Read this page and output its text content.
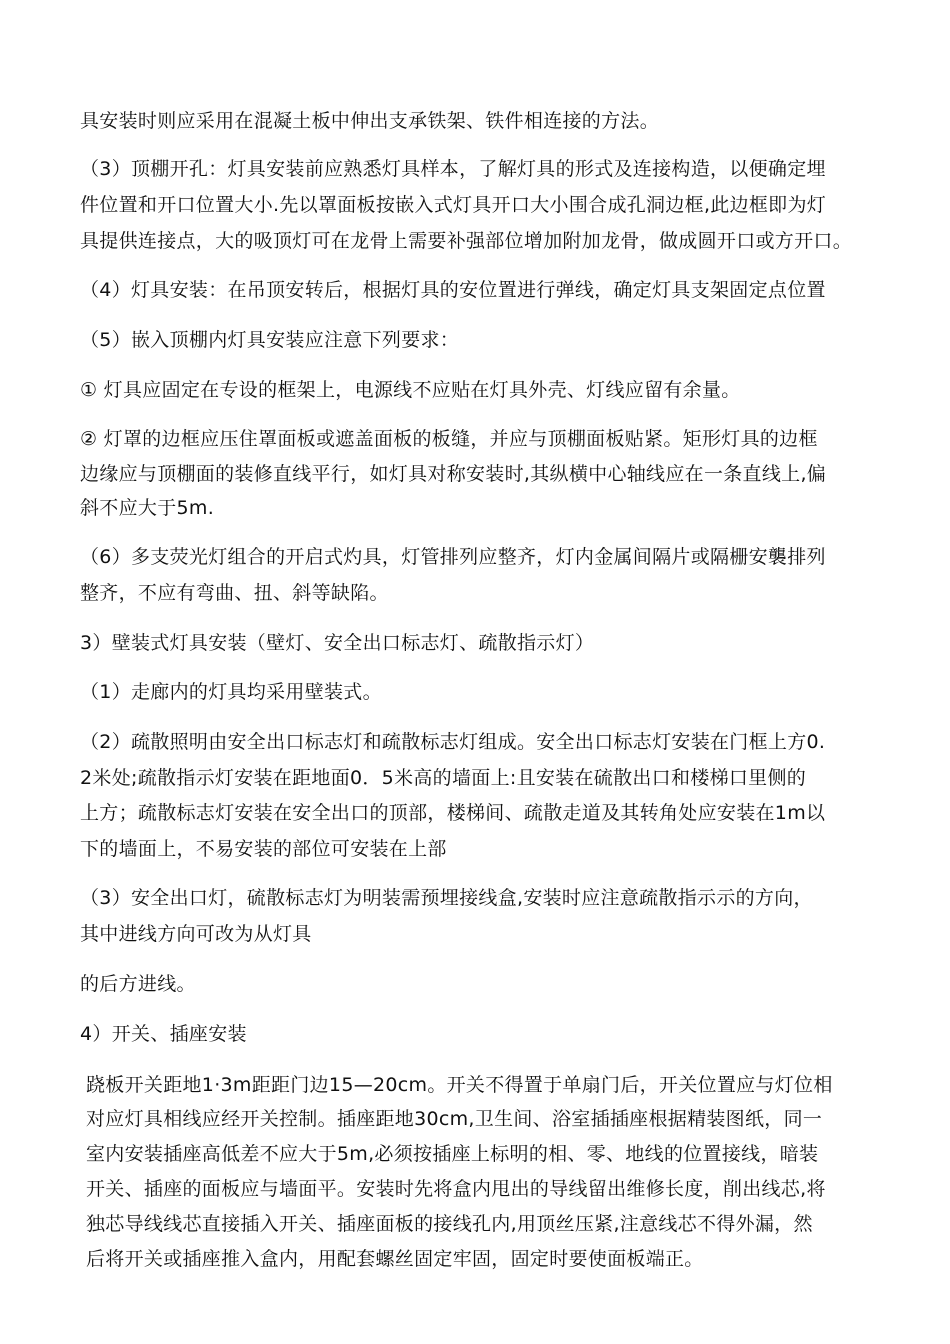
具安装时则应采用在混凝土板中伸出支承铁架、铁件相连接的方法。
（3）顶棚开孔：灯具安装前应熟悉灯具样本，了解灯具的形式及连接构造，以便确定埋
件位置和开口位置大小.先以罩面板按嵌入式灯具开口大小围合成孔洞边框,此边框即为灯
具提供连接点，大的吸顶灯可在龙骨上需要补强部位增加附加龙骨，做成圆开口或方开口。
（4）灯具安装：在吊顶安转后，根据灯具的安位置进行弹线，确定灯具支架固定点位置
（5）嵌入顶棚内灯具安装应注意下列要求：
① 灯具应固定在专设的框架上，电源线不应贴在灯具外壳、灯线应留有余量。
② 灯罩的边框应压住罩面板或遮盖面板的板缝，并应与顶棚面板贴紧。矩形灯具的边框
边缘应与顶棚面的装修直线平行，如灯具对称安装时,其纵横中心轴线应在一条直线上,偏
斜不应大于5m.
（6）多支荧光灯组合的开启式灼具，灯管排列应整齐，灯内金属间隔片或隔栅安襲排列
整齐，不应有弯曲、扭、斜等缺陷。
3）壁装式灯具安装（壁灯、安全出口标志灯、疏散指示灯）
（1）走廊内的灯具均采用壁装式。
（2）疏散照明由安全出口标志灯和疏散标志灯组成。安全出口标志灯安装在门框上方0.
2米处;疏散指示灯安装在距地面0．5米高的墙面上:且安装在硫散出口和楼梯口里侧的
上方；疏散标志灯安装在安全出口的顶部，楼梯间、疏散走道及其转角处应安装在1m以
下的墙面上，不易安装的部位可安装在上部
（3）安全出口灯，硫散标志灯为明装需预埋接线盒,安装时应注意疏散指示示的方向，
其中进线方向可改为从灯具
的后方进线。
4）开关、插座安装
跷板开关距地1·3m距距门边15—20cm。开关不得置于单扇门后，开关位置应与灯位相
对应灯具相线应经开关控制。插座距地30cm,卫生间、浴室插插座根据精装图纸，同一
室内安装插座高低差不应大于5m,必须按插座上标明的相、零、地线的位置接线，暗装
开关、插座的面板应与墙面平。安装时先将盒内甩出的导线留出维修长度，削出线芯,将
独芯导线线芯直接插入开关、插座面板的接线孔内,用顶丝压紧,注意线芯不得外漏，然
后将开关或插座推入盒内，用配套螺丝固定牢固，固定时要使面板端正。
